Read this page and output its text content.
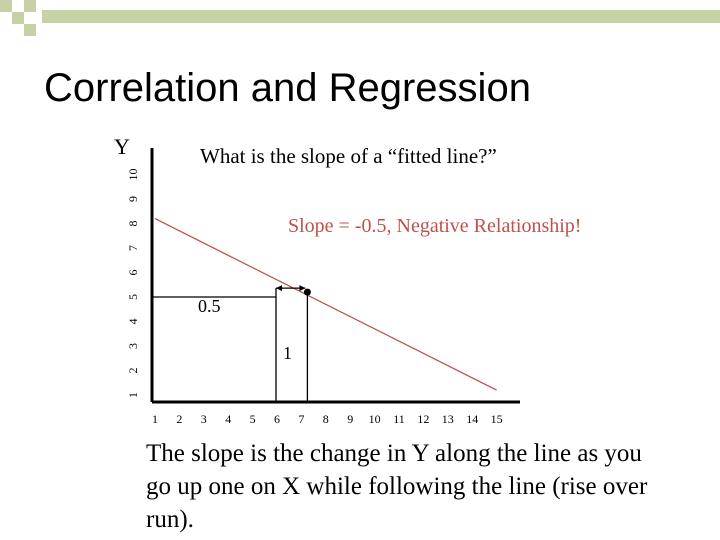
Correlation and Regression
Y	What is the slope of a “fitted line?”
Slope = -0.5, Negative Relationship!
1 2 3 4 5 6 7 8 9 10 11 12 13 14 15
1
2
3
4
5
6
7
8
9
10
0.5
1
The slope is the change in Y along the line as you go up one on X while following the line (rise over run).
